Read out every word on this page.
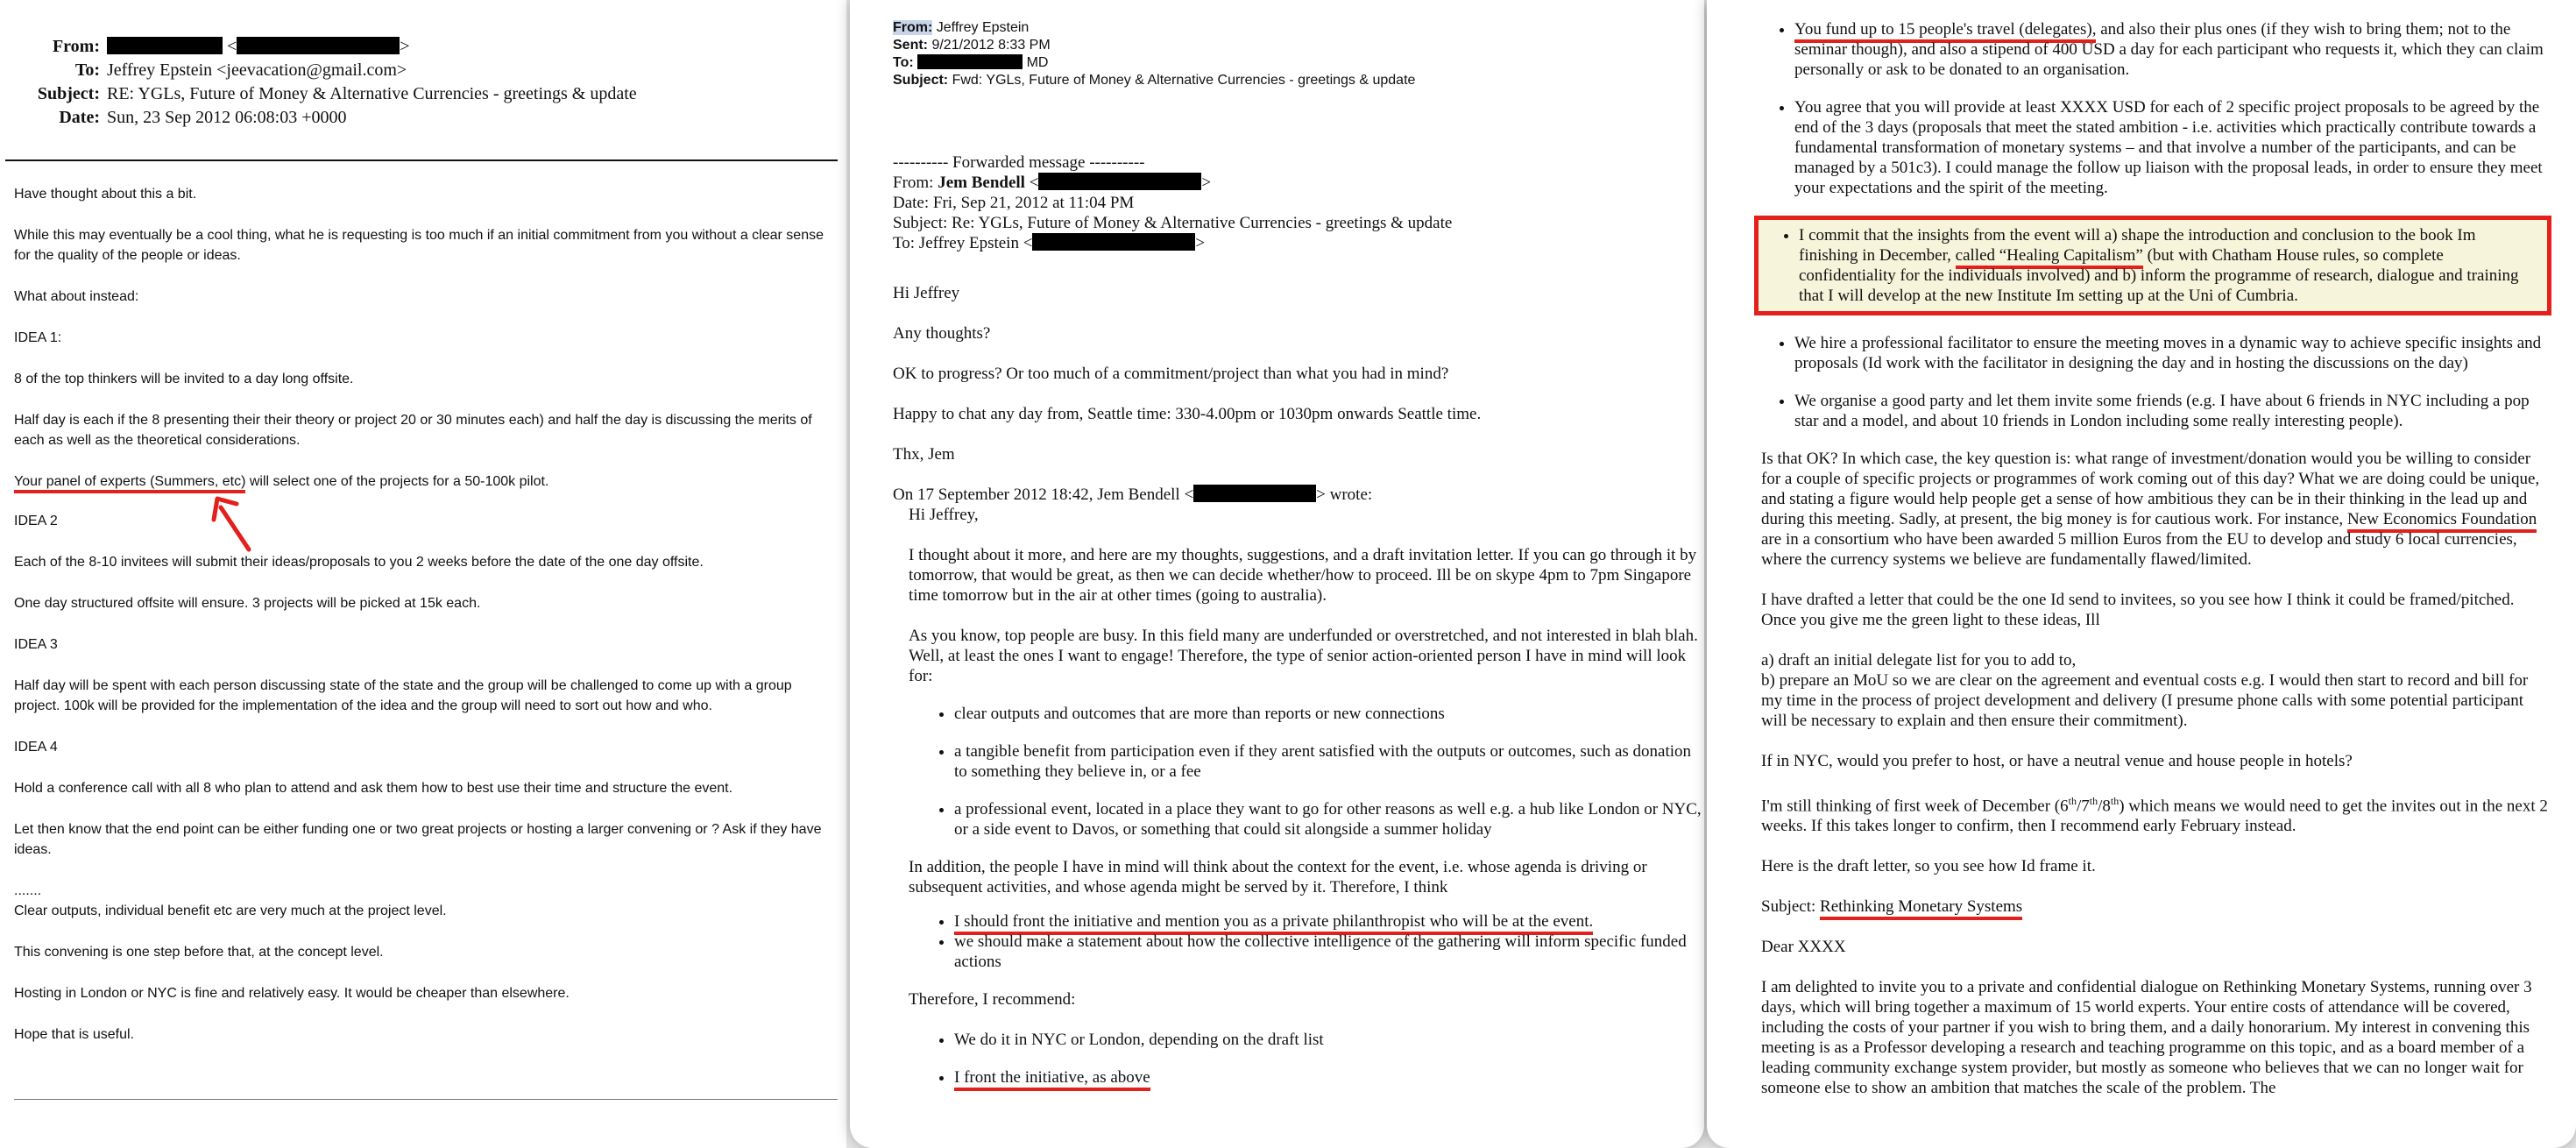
From:	<	>
To: Jeffrey Epstein <jeevacation@gmail.com>
Subject: RE: YGLs, Future of Money & Alternative Currencies - greetings & update
Date: Sun, 23 Sep 2012 06:08:03 +0000

Have thought about this a bit.

While this may eventually be a cool thing, what he is requesting is too much if an initial commitment from you without a clear sense for the quality of the people or ideas.

What about instead:

IDEA 1:

8 of the top thinkers will be invited to a day long offsite.

Half day is each if the 8 presenting their their theory or project 20 or 30 minutes each) and half the day is discussing the merits of each as well as the theoretical considerations.

Your panel of experts (Summers, etc) will select one of the projects for a 50-100k pilot.

IDEA 2

Each of the 8-10 invitees will submit their ideas/proposals to you 2 weeks before the date of the one day offsite.

One day structured offsite will ensure. 3 projects will be picked at 15k each.

IDEA 3

Half day will be spent with each person discussing state of the state and the group will be challenged to come up with a group project. 100k will be provided for the implementation of the idea and the group will need to sort out how and who.

IDEA 4

Hold a conference call with all 8 who plan to attend and ask them how to best use their time and structure the event.

Let then know that the end point can be either funding one or two great projects or hosting a larger convening or ? Ask if they have ideas.

.......

Clear outputs, individual benefit etc are very much at the project level.

This convening is one step before that, at the concept level.

Hosting in London or NYC is fine and relatively easy. It would be cheaper than elsewhere.

Hope that is useful.

From: Jeffrey Epstein
Sent: 9/21/2012 8:33 PM
To:	MD
Subject: Fwd: YGLs, Future of Money & Alternative Currencies - greetings & update
---------- Forwarded message ----------
From: Jem Bendell <	>
Date: Fri, Sep 21, 2012 at 11:04 PM
Subject: Re: YGLs, Future of Money & Alternative Currencies - greetings & update
To: Jeffrey Epstein <	>

Hi Jeffrey

Any thoughts?

OK to progress? Or too much of a commitment/project than what you had in mind?

Happy to chat any day from, Seattle time: 330-4.00pm or 1030pm onwards Seattle time.

Thx, Jem

On 17 September 2012 18:42, Jem Bendell <	> wrote:

Hi Jeffrey,

I thought about it more, and here are my thoughts, suggestions, and a draft invitation letter. If you can go through it by tomorrow, that would be great, as then we can decide whether/how to proceed. Ill be on skype 4pm to 7pm Singapore time tomorrow but in the air at other times (going to australia).

As you know, top people are busy. In this field many are underfunded or overstretched, and not interested in blah blah. Well, at least the ones I want to engage! Therefore, the type of senior action-oriented person I have in mind will look for:

• clear outputs and outcomes that are more than reports or new connections
• a tangible benefit from participation even if they arent satisfied with the outputs or outcomes, such as donation to something they believe in, or a fee
• a professional event, located in a place they want to go for other reasons as well e.g. a hub like London or NYC, or a side event to Davos, or something that could sit alongside a summer holiday

In addition, the people I have in mind will think about the context for the event, i.e. whose agenda is driving or subsequent activities, and whose agenda might be served by it. Therefore, I think

• I should front the initiative and mention you as a private philanthropist who will be at the event.
• we should make a statement about how the collective intelligence of the gathering will inform specific funded actions

Therefore, I recommend:

• We do it in NYC or London, depending on the draft list
• I front the initiative, as above
• You fund up to 15 people's travel (delegates), and also their plus ones (if they wish to bring them; not to the seminar though), and also a stipend of 400 USD a day for each participant who requests it, which they can claim personally or ask to be donated to an organisation.
• You agree that you will provide at least XXXX USD for each of 2 specific project proposals to be agreed by the end of the 3 days (proposals that meet the stated ambition - i.e. activities which practically contribute towards a fundamental transformation of monetary systems – and that involve a number of the participants, and can be managed by a 501c3). I could manage the follow up liaison with the proposal leads, in order to ensure they meet your expectations and the spirit of the meeting.
• I commit that the insights from the event will a) shape the introduction and conclusion to the book Im finishing in December, called “Healing Capitalism” (but with Chatham House rules, so complete confidentiality for the individuals involved) and b) inform the programme of research, dialogue and training that I will develop at the new Institute Im setting up at the Uni of Cumbria.
• We hire a professional facilitator to ensure the meeting moves in a dynamic way to achieve specific insights and proposals (Id work with the facilitator in designing the day and in hosting the discussions on the day)
• We organise a good party and let them invite some friends (e.g. I have about 6 friends in NYC including a pop star and a model, and about 10 friends in London including some really interesting people).

Is that OK? In which case, the key question is: what range of investment/donation would you be willing to consider for a couple of specific projects or programmes of work coming out of this day? What we are doing could be unique, and stating a figure would help people get a sense of how ambitious they can be in their thinking in the lead up and during this meeting. Sadly, at present, the big money is for cautious work. For instance, New Economics Foundation are in a consortium who have been awarded 5 million Euros from the EU to develop and study 6 local currencies, where the currency systems we believe are fundamentally flawed/limited.

I have drafted a letter that could be the one Id send to invitees, so you see how I think it could be framed/pitched. Once you give me the green light to these ideas, Ill

a) draft an initial delegate list for you to add to,

b) prepare an MoU so we are clear on the agreement and eventual costs e.g. I would then start to record and bill for my time in the process of project development and delivery (I presume phone calls with some potential participant will be necessary to explain and then ensure their commitment).

If in NYC, would you prefer to host, or have a neutral venue and house people in hotels?

I'm still thinking of first week of December (6th/7th/8th) which means we would need to get the invites out in the next 2 weeks. If this takes longer to confirm, then I recommend early February instead.

Here is the draft letter, so you see how Id frame it.

Subject: Rethinking Monetary Systems

Dear XXXX

I am delighted to invite you to a private and confidential dialogue on Rethinking Monetary Systems, running over 3 days, which will bring together a maximum of 15 world experts. Your entire costs of attendance will be covered, including the costs of your partner if you wish to bring them, and a daily honorarium. My interest in convening this meeting is as a Professor developing a research and teaching programme on this topic, and as a board member of a leading community exchange system provider, but mostly as someone who believes that we can no longer wait for someone else to show an ambition that matches the scale of the problem. The
